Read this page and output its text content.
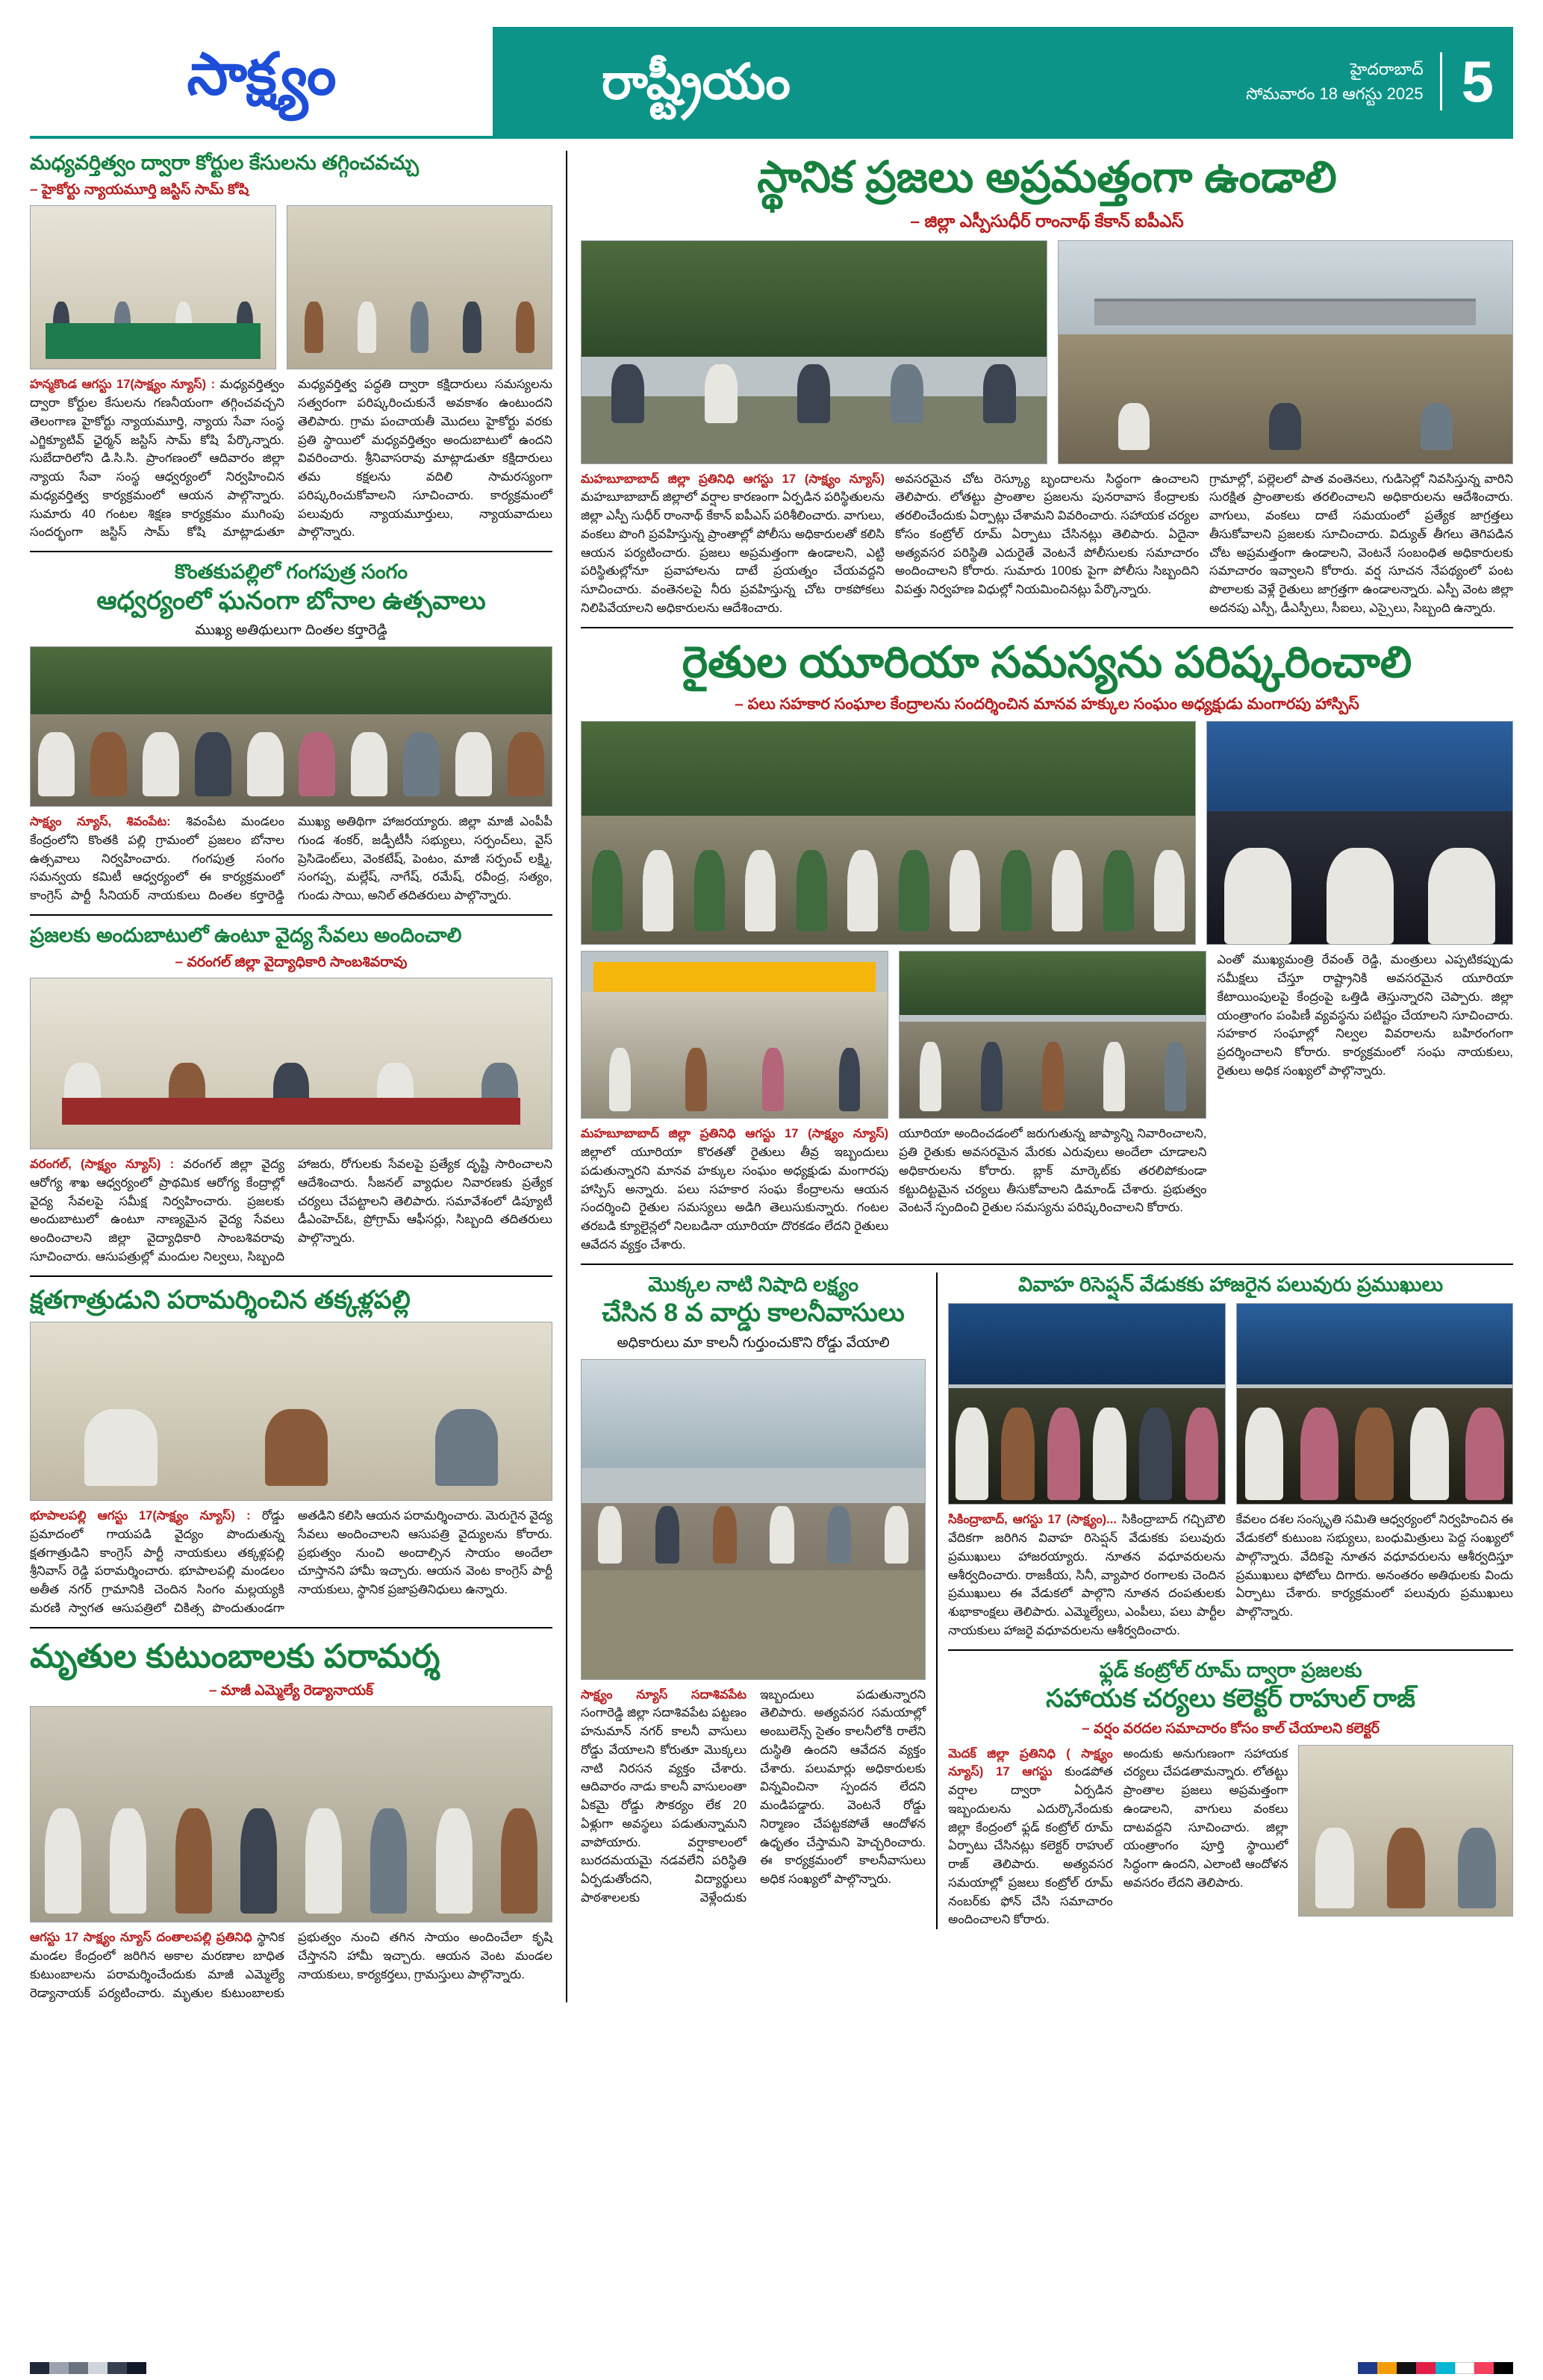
సాక్ష్యం	రాష్ట్రీయం	హైదరాబాద్
సోమవారం 18 ఆగస్టు 2025 5
మధ్యవర్తిత్వం ద్వారా కోర్టుల కేసులను తగ్గించవచ్చు
– హైకోర్టు న్యాయమూర్తి జస్టిస్ సామ్ కోషి
హన్మకొండ ఆగస్టు 17(సాక్ష్యం న్యూస్‌) : మధ్యవర్తిత్వం ద్వారా కోర్టుల కేసులను గణనీయంగా తగ్గించవచ్చని తెలంగాణ హైకోర్టు న్యాయమూర్తి, న్యాయ సేవా సంస్థ ఎగ్జిక్యూటివ్ ఛైర్మన్ జస్టిస్ సామ్ కోషి పేర్కొన్నారు. సుబేదారిలోని డి.సి.సి. ప్రాంగణంలో ఆదివారం జిల్లా న్యాయ సేవా సంస్థ ఆధ్వర్యంలో నిర్వహించిన మధ్యవర్తిత్వ కార్యక్రమంలో ఆయన పాల్గొన్నారు. సుమారు 40 గంటల శిక్షణ కార్యక్రమం ముగింపు సందర్భంగా జస్టిస్ సామ్ కోషి మాట్లాడుతూ మధ్యవర్తిత్వ పద్ధతి ద్వారా కక్షిదారులు సమస్యలను సత్వరంగా పరిష్కరించుకునే అవకాశం ఉంటుందని తెలిపారు. గ్రామ పంచాయతీ మొదలు హైకోర్టు వరకు ప్రతి స్థాయిలో మధ్యవర్తిత్వం అందుబాటులో ఉందని వివరించారు. శ్రీనివాసరావు మాట్లాడుతూ కక్షిదారులు తమ కక్షలను వదిలి సామరస్యంగా పరిష్కరించుకోవాలని సూచించారు. కార్యక్రమంలో పలువురు న్యాయమూర్తులు, న్యాయవాదులు పాల్గొన్నారు.
కొంతకుపల్లిలో గంగపుత్ర సంగం
ఆధ్వర్యంలో ఘనంగా బోనాల ఉత్సవాలు
ముఖ్య అతిథులుగా దింతల కర్తారెడ్డి
సాక్ష్యం న్యూస్‌, శివంపేట: శివంపేట మండలం కేంద్రంలోని కొంతకి పల్లి గ్రామంలో ప్రజలం బోనాల ఉత్సవాలు నిర్వహించారు. గంగపుత్ర సంగం సమన్వయ కమిటీ ఆధ్వర్యంలో ఈ కార్యక్రమంలో కాంగ్రెస్ పార్టీ సీనియర్ నాయకులు దింతల కర్తారెడ్డి ముఖ్య అతిథిగా హాజరయ్యారు. జిల్లా మాజీ ఎంపీపీ గుండ శంకర్, జడ్పీటీసీ సభ్యులు, సర్పంచ్‌లు, వైస్ ప్రెసిడెంట్‌లు, వెంకటేష్, పెంటం, మాజీ సర్పంచ్ లక్ష్మి, సంగప్ప, మల్లేష్, నాగేష్, రమేష్, రవీంద్ర, సత్యం, గుండు సాయి, అనిల్ తదితరులు పాల్గొన్నారు.
ప్రజలకు అందుబాటులో ఉంటూ వైద్య సేవలు అందించాలి
– వరంగల్ జిల్లా వైద్యాధికారి సాంబశివరావు
వరంగల్, (సాక్ష్యం న్యూస్‌) : వరంగల్ జిల్లా వైద్య ఆరోగ్య శాఖ ఆధ్వర్యంలో ప్రాథమిక ఆరోగ్య కేంద్రాల్లో వైద్య సేవలపై సమీక్ష నిర్వహించారు. ప్రజలకు అందుబాటులో ఉంటూ నాణ్యమైన వైద్య సేవలు అందించాలని జిల్లా వైద్యాధికారి సాంబశివరావు సూచించారు. ఆసుపత్రుల్లో మందుల నిల్వలు, సిబ్బంది హాజరు, రోగులకు సేవలపై ప్రత్యేక దృష్టి సారించాలని ఆదేశించారు. సీజనల్ వ్యాధుల నివారణకు ప్రత్యేక చర్యలు చేపట్టాలని తెలిపారు. సమావేశంలో డిప్యూటీ డీఎంహెచ్ఓ, ప్రోగ్రామ్ ఆఫీసర్లు, సిబ్బంది తదితరులు పాల్గొన్నారు.
క్షతగాత్రుడుని పరామర్శించిన తక్కళ్లపల్లి
భూపాలపల్లి ఆగస్టు 17(సాక్ష్యం న్యూస్‌) : రోడ్డు ప్రమాదంలో గాయపడి వైద్యం పొందుతున్న క్షతగాత్రుడిని కాంగ్రెస్ పార్టీ నాయకులు తక్కళ్లపల్లి శ్రీనివాస్ రెడ్డి పరామర్శించారు. భూపాలపల్లి మండలం అతీత నగర్ గ్రామానికి చెందిన సింగం మల్లయ్యకి మరణి స్వాగత ఆసుపత్రిలో చికిత్స పొందుతుండగా అతడిని కలిసి ఆయన పరామర్శించారు. మెరుగైన వైద్య సేవలు అందించాలని ఆసుపత్రి వైద్యులను కోరారు. ప్రభుత్వం నుంచి అందాల్సిన సాయం అందేలా చూస్తానని హామీ ఇచ్చారు. ఆయన వెంట కాంగ్రెస్ పార్టీ నాయకులు, స్థానిక ప్రజాప్రతినిధులు ఉన్నారు.
మృతుల కుటుంబాలకు పరామర్శ
– మాజీ ఎమ్మెల్యే రెడ్యానాయక్
ఆగస్టు 17 సాక్ష్యం న్యూస్‌ దంతాలపల్లి ప్రతినిధి స్థానిక మండల కేంద్రంలో జరిగిన అకాల మరణాల బాధిత కుటుంబాలను పరామర్శించేందుకు మాజీ ఎమ్మెల్యే రెడ్యానాయక్ పర్యటించారు. మృతుల కుటుంబాలకు ప్రభుత్వం నుంచి తగిన సాయం అందించేలా కృషి చేస్తానని హామీ ఇచ్చారు. ఆయన వెంట మండల నాయకులు, కార్యకర్తలు, గ్రామస్తులు పాల్గొన్నారు.
స్థానిక ప్రజలు అప్రమత్తంగా ఉండాలి
– జిల్లా ఎస్పీసుధీర్ రాంనాథ్ కేకాన్ ఐపీఎస్
మహబూబాబాద్ జిల్లా ప్రతినిధి ఆగస్టు 17 (సాక్ష్యం న్యూస్‌) మహబూబాబాద్ జిల్లాలో వర్షాల కారణంగా ఏర్పడిన పరిస్థితులను జిల్లా ఎస్పీ సుధీర్ రాంనాథ్ కేకాన్ ఐపీఎస్ పరిశీలించారు. వాగులు, వంకలు పొంగి ప్రవహిస్తున్న ప్రాంతాల్లో పోలీసు అధికారులతో కలిసి ఆయన పర్యటించారు. ప్రజలు అప్రమత్తంగా ఉండాలని, ఎట్టి పరిస్థితుల్లోనూ ప్రవాహాలను దాటే ప్రయత్నం చేయవద్దని సూచించారు. వంతెనలపై నీరు ప్రవహిస్తున్న చోట రాకపోకలు నిలిపివేయాలని అధికారులను ఆదేశించారు.
అవసరమైన చోట రెస్క్యూ బృందాలను సిద్ధంగా ఉంచాలని తెలిపారు. లోతట్టు ప్రాంతాల ప్రజలను పునరావాస కేంద్రాలకు తరలించేందుకు ఏర్పాట్లు చేశామని వివరించారు. సహాయక చర్యల కోసం కంట్రోల్ రూమ్ ఏర్పాటు చేసినట్లు తెలిపారు. ఏదైనా అత్యవసర పరిస్థితి ఎదురైతే వెంటనే పోలీసులకు సమాచారం అందించాలని కోరారు. సుమారు 100కు పైగా పోలీసు సిబ్బందిని విపత్తు నిర్వహణ విధుల్లో నియమించినట్లు పేర్కొన్నారు.
గ్రామాల్లో, పల్లెలలో పాత వంతెనలు, గుడిసెల్లో నివసిస్తున్న వారిని సురక్షిత ప్రాంతాలకు తరలించాలని అధికారులను ఆదేశించారు. వాగులు, వంకలు దాటే సమయంలో ప్రత్యేక జాగ్రత్తలు తీసుకోవాలని ప్రజలకు సూచించారు. విద్యుత్ తీగలు తెగిపడిన చోట అప్రమత్తంగా ఉండాలని, వెంటనే సంబంధిత అధికారులకు సమాచారం ఇవ్వాలని కోరారు. వర్ష సూచన నేపథ్యంలో పంట పొలాలకు వెళ్లే రైతులు జాగ్రత్తగా ఉండాలన్నారు. ఎస్పీ వెంట జిల్లా అదనపు ఎస్పీ, డీఎస్పీలు, సీఐలు, ఎస్సైలు, సిబ్బంది ఉన్నారు.
రైతుల యూరియా సమస్యను పరిష్కరించాలి
– పలు సహకార సంఘాల కేంద్రాలను సందర్శించిన మానవ హక్కుల సంఘం అధ్యక్షుడు మంగారపు హాస్పిస్
ఎంతో ముఖ్యమంత్రి రేవంత్ రెడ్డి, మంత్రులు ఎప్పటికప్పుడు సమీక్షలు చేస్తూ రాష్ట్రానికి అవసరమైన యూరియా కేటాయింపులపై కేంద్రంపై ఒత్తిడి తెస్తున్నారని చెప్పారు. జిల్లా యంత్రాంగం పంపిణీ వ్యవస్థను పటిష్టం చేయాలని సూచించారు. సహకార సంఘాల్లో నిల్వల వివరాలను బహిరంగంగా ప్రదర్శించాలని కోరారు. కార్యక్రమంలో సంఘ నాయకులు, రైతులు అధిక సంఖ్యలో పాల్గొన్నారు.
మహబూబాబాద్ జిల్లా ప్రతినిధి ఆగస్టు 17 (సాక్ష్యం న్యూస్‌) జిల్లాలో యూరియా కొరతతో రైతులు తీవ్ర ఇబ్బందులు పడుతున్నారని మానవ హక్కుల సంఘం అధ్యక్షుడు మంగారపు హాస్పిస్ అన్నారు. పలు సహకార సంఘ కేంద్రాలను ఆయన సందర్శించి రైతుల సమస్యలు అడిగి తెలుసుకున్నారు. గంటల తరబడి క్యూలైన్లలో నిలబడినా యూరియా దొరకడం లేదని రైతులు ఆవేదన వ్యక్తం చేశారు.
యూరియా అందించడంలో జరుగుతున్న జాప్యాన్ని నివారించాలని, ప్రతి రైతుకు అవసరమైన మేరకు ఎరువులు అందేలా చూడాలని అధికారులను కోరారు. బ్లాక్ మార్కెట్‌కు తరలిపోకుండా కట్టుదిట్టమైన చర్యలు తీసుకోవాలని డిమాండ్ చేశారు. ప్రభుత్వం వెంటనే స్పందించి రైతుల సమస్యను పరిష్కరించాలని కోరారు.
మొక్కల నాటి నిషాది లక్ష్యం
చేసిన 8 వ వార్డు కాలనీవాసులు
అధికారులు మా కాలనీ గుర్తుంచుకొని రోడ్డు వేయాలి
సాక్ష్యం న్యూస్‌ సదాశివపేట సంగారెడ్డి జిల్లా సదాశివపేట పట్టణం హనుమాన్ నగర్ కాలనీ వాసులు రోడ్డు వేయాలని కోరుతూ మొక్కలు నాటి నిరసన వ్యక్తం చేశారు. ఆదివారం నాడు కాలనీ వాసులంతా ఏకమై రోడ్డు సౌకర్యం లేక 20 ఏళ్లుగా అవస్థలు పడుతున్నామని వాపోయారు. వర్షాకాలంలో బురదమయమై నడవలేని పరిస్థితి ఏర్పడుతోందని, విద్యార్థులు పాఠశాలలకు వెళ్లేందుకు ఇబ్బందులు పడుతున్నారని తెలిపారు. అత్యవసర సమయాల్లో అంబులెన్స్ సైతం కాలనీలోకి రాలేని దుస్థితి ఉందని ఆవేదన వ్యక్తం చేశారు. పలుమార్లు అధికారులకు విన్నవించినా స్పందన లేదని మండిపడ్డారు. వెంటనే రోడ్డు నిర్మాణం చేపట్టకపోతే ఆందోళన ఉధృతం చేస్తామని హెచ్చరించారు. ఈ కార్యక్రమంలో కాలనీవాసులు అధిక సంఖ్యలో పాల్గొన్నారు.
వివాహ రిసెప్షన్ వేడుకకు హాజరైన పలువురు ప్రముఖులు
సికింద్రాబాద్, ఆగస్టు 17 (సాక్ష్యం)... సికింద్రాబాద్ గచ్చిబౌలి వేదికగా జరిగిన వివాహ రిసెప్షన్ వేడుకకు పలువురు ప్రముఖులు హాజరయ్యారు. నూతన వధూవరులను ఆశీర్వదించారు. రాజకీయ, సినీ, వ్యాపార రంగాలకు చెందిన ప్రముఖులు ఈ వేడుకలో పాల్గొని నూతన దంపతులకు శుభాకాంక్షలు తెలిపారు. ఎమ్మెల్యేలు, ఎంపీలు, పలు పార్టీల నాయకులు హాజరై వధూవరులను ఆశీర్వదించారు.
కేవలం దశల సంస్కృతి సమితి ఆధ్వర్యంలో నిర్వహించిన ఈ వేడుకలో కుటుంబ సభ్యులు, బంధుమిత్రులు పెద్ద సంఖ్యలో పాల్గొన్నారు. వేదికపై నూతన వధూవరులను ఆశీర్వదిస్తూ ప్రముఖులు ఫోటోలు దిగారు. అనంతరం అతిథులకు విందు ఏర్పాటు చేశారు. కార్యక్రమంలో పలువురు ప్రముఖులు పాల్గొన్నారు.
ఫ్లడ్ కంట్రోల్ రూమ్ ద్వారా ప్రజలకు
సహాయక చర్యలు కలెక్టర్ రాహుల్ రాజ్
– వర్షం వరదల సమాచారం కోసం కాల్ చేయాలని కలెక్టర్
మెదక్ జిల్లా ప్రతినిధి ( సాక్ష్యం న్యూస్‌) 17 ఆగస్టు కుండపోత వర్షాల ద్వారా ఏర్పడిన ఇబ్బందులను ఎదుర్కొనేందుకు జిల్లా కేంద్రంలో ఫ్లడ్ కంట్రోల్ రూమ్ ఏర్పాటు చేసినట్లు కలెక్టర్ రాహుల్ రాజ్ తెలిపారు. అత్యవసర సమయాల్లో ప్రజలు కంట్రోల్ రూమ్ నంబర్‌కు ఫోన్ చేసి సమాచారం అందించాలని కోరారు.
అందుకు అనుగుణంగా సహాయక చర్యలు చేపడతామన్నారు. లోతట్టు ప్రాంతాల ప్రజలు అప్రమత్తంగా ఉండాలని, వాగులు వంకలు దాటవద్దని సూచించారు. జిల్లా యంత్రాంగం పూర్తి స్థాయిలో సిద్ధంగా ఉందని, ఎలాంటి ఆందోళన అవసరం లేదని తెలిపారు.
